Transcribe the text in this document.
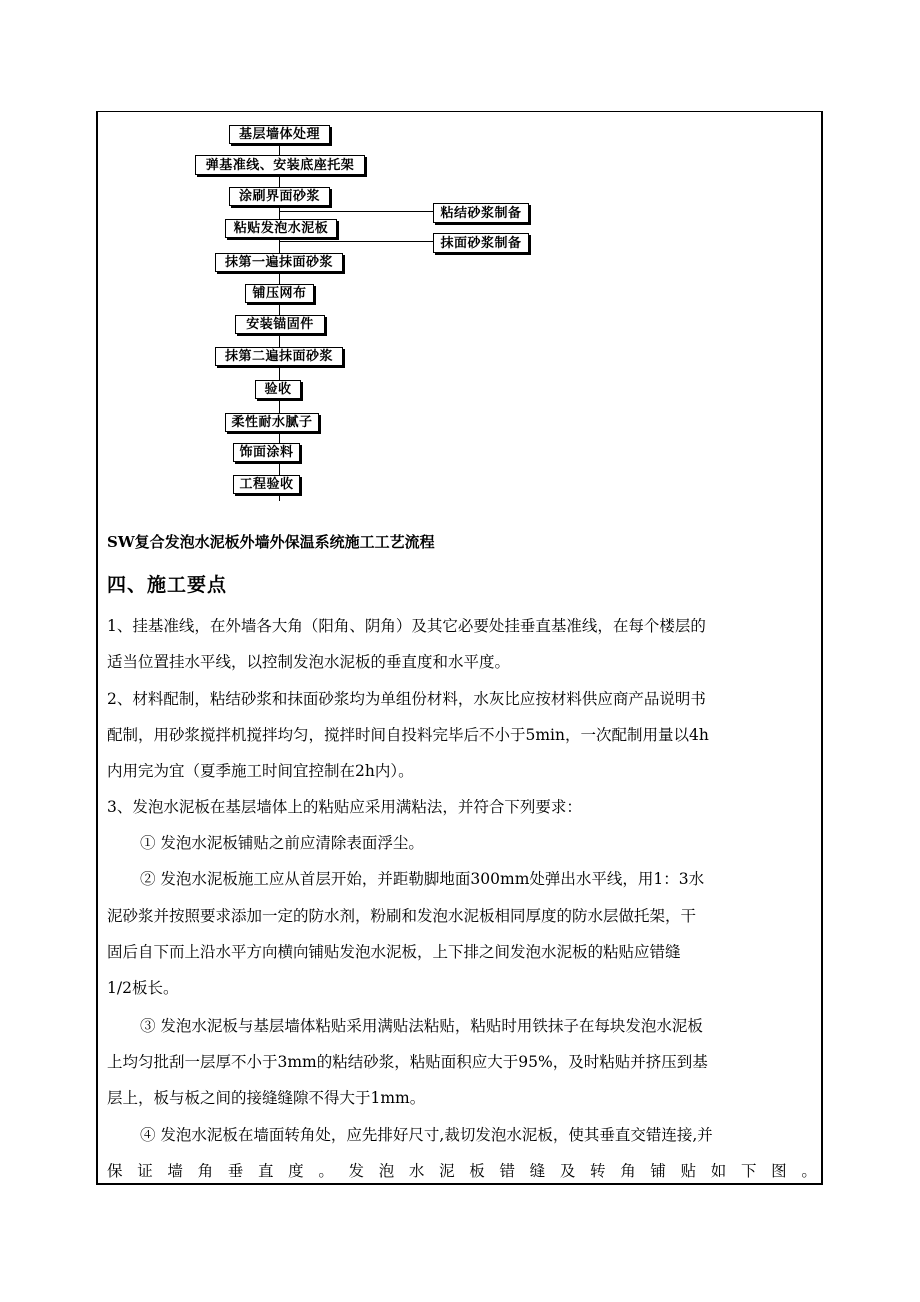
基层墙体处理
弹基准线、安装底座托架
涂刷界面砂浆
粘贴发泡水泥板
抹第一遍抹面砂浆
铺压网布
安装锚固件
抹第二遍抹面砂浆
验收
柔性耐水腻子
饰面涂料
工程验收
粘结砂浆制备
抹面砂浆制备
SW复合发泡水泥板外墙外保温系统施工工艺流程
四、施工要点
1、挂基准线，在外墙各大角（阳角、阴角）及其它必要处挂垂直基准线，在每个楼层的
适当位置挂水平线，以控制发泡水泥板的垂直度和水平度。
2、材料配制，粘结砂浆和抹面砂浆均为单组份材料，水灰比应按材料供应商产品说明书
配制，用砂浆搅拌机搅拌均匀，搅拌时间自投料完毕后不小于5min，一次配制用量以4h
内用完为宜（夏季施工时间宜控制在2h内）。
3、发泡水泥板在基层墙体上的粘贴应采用满粘法，并符合下列要求：
① 发泡水泥板铺贴之前应清除表面浮尘。
② 发泡水泥板施工应从首层开始，并距勒脚地面300mm处弹出水平线，用1：3水
泥砂浆并按照要求添加一定的防水剂，粉刷和发泡水泥板相同厚度的防水层做托架，干
固后自下而上沿水平方向横向铺贴发泡水泥板，上下排之间发泡水泥板的粘贴应错缝
1/2板长。
③ 发泡水泥板与基层墙体粘贴采用满贴法粘贴，粘贴时用铁抹子在每块发泡水泥板
上均匀批刮一层厚不小于3mm的粘结砂浆，粘贴面积应大于95%，及时粘贴并挤压到基
层上，板与板之间的接缝缝隙不得大于1mm。
④ 发泡水泥板在墙面转角处，应先排好尺寸,裁切发泡水泥板，使其垂直交错连接,并
保 证 墙 角 垂 直 度 。 发 泡 水 泥 板 错 缝 及 转 角 铺 贴 如 下 图 。
